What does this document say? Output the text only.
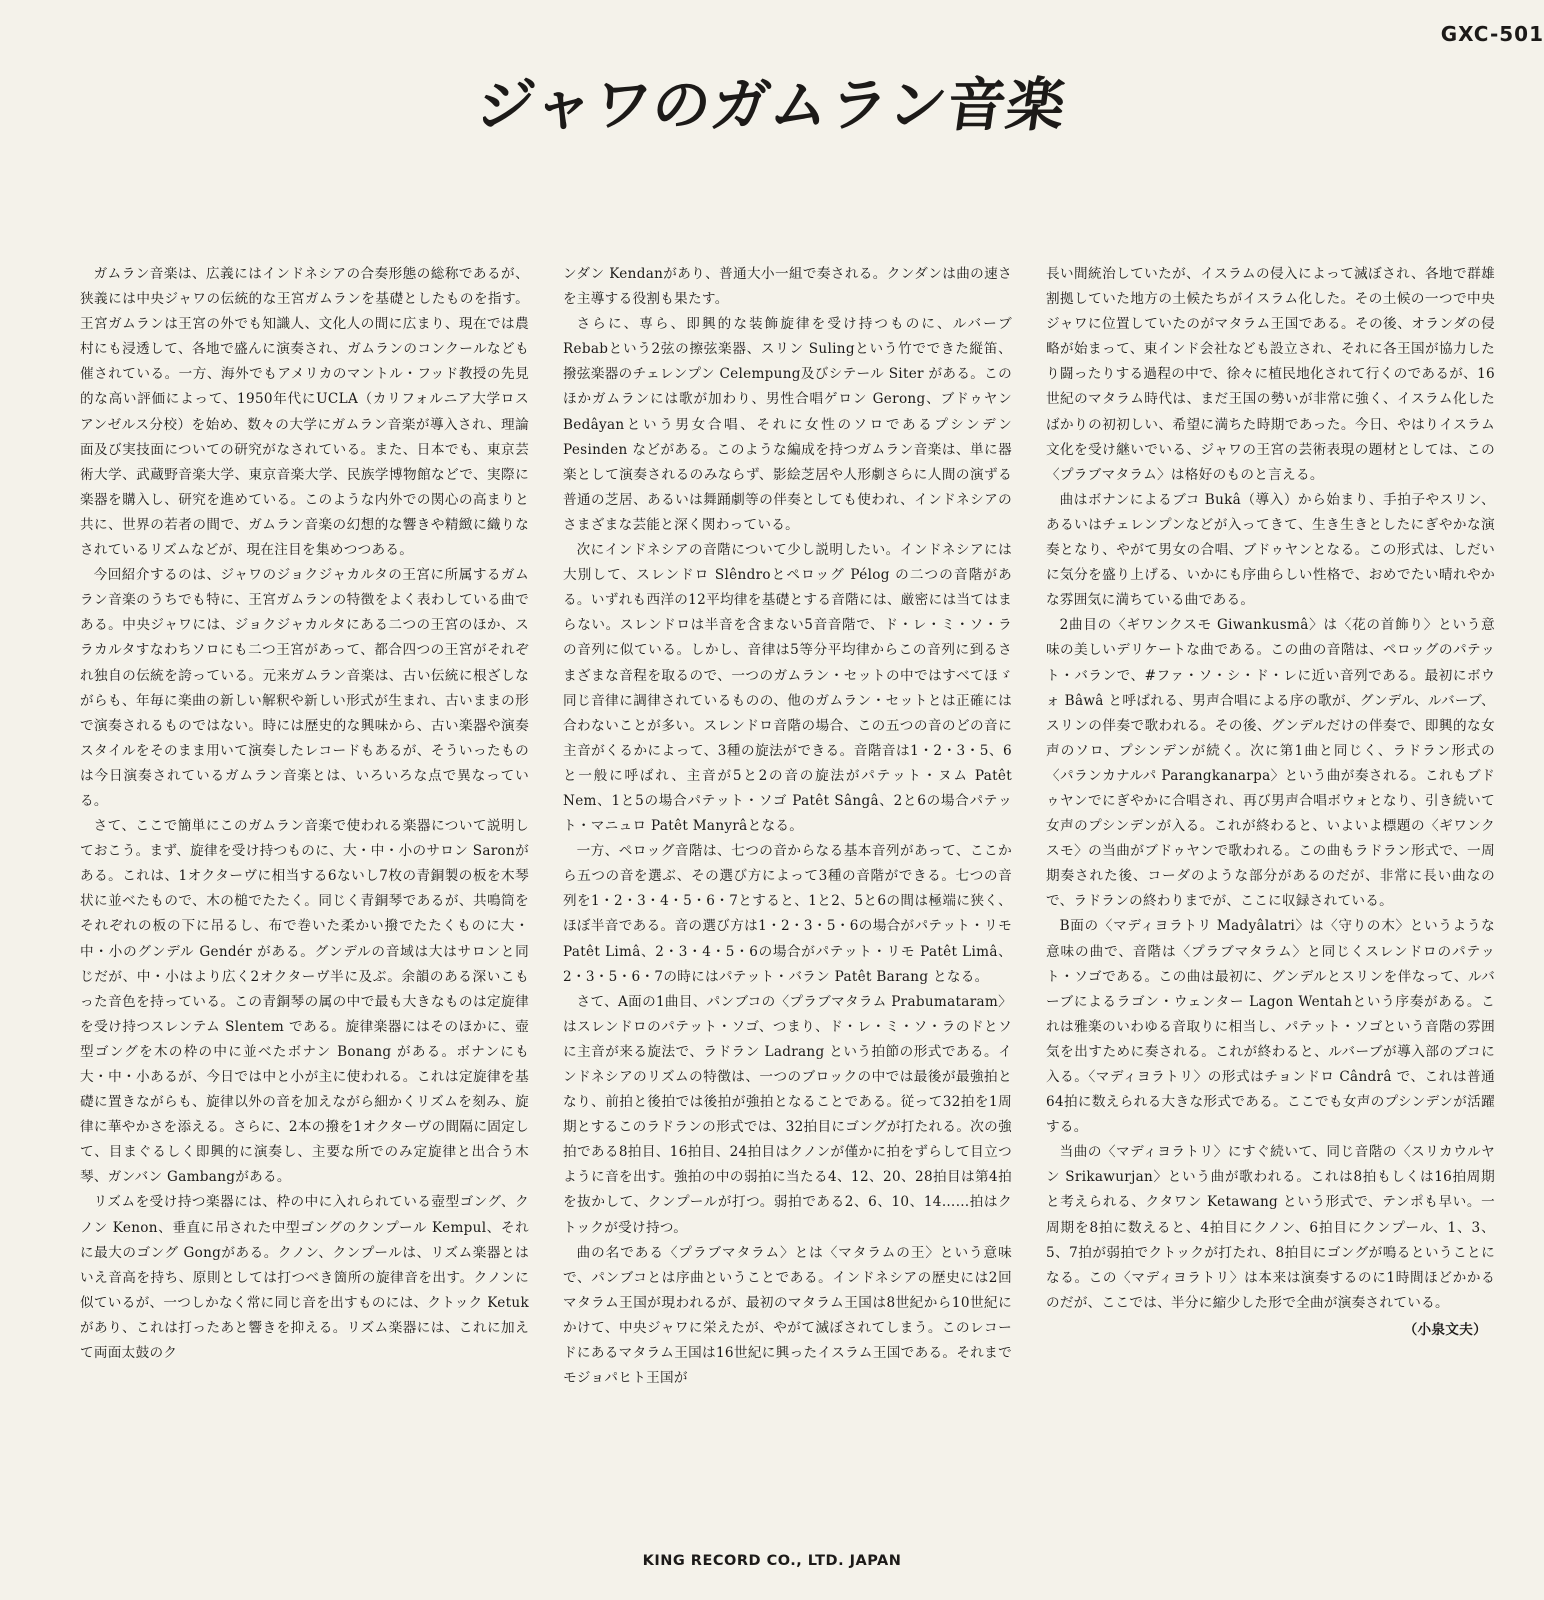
GXC-501
ジャワのガムラン音楽

ガムラン音楽は、広義にはインドネシアの合奏形態の総称であるが、狭義には中央ジャワの伝統的な王宮ガムランを基礎としたものを指す。王宮ガムランは王宮の外でも知識人、文化人の間に広まり、現在では農村にも浸透して、各地で盛んに演奏され、ガムランのコンクールなども催されている。一方、海外でもアメリカのマントル・フッド教授の先見的な高い評価によって、1950年代にUCLA（カリフォルニア大学ロスアンゼルス分校）を始め、数々の大学にガムラン音楽が導入され、理論面及び実技面についての研究がなされている。また、日本でも、東京芸術大学、武蔵野音楽大学、東京音楽大学、民族学博物館などで、実際に楽器を購入し、研究を進めている。このような内外での関心の高まりと共に、世界の若者の間で、ガムラン音楽の幻想的な響きや精緻に織りなされているリズムなどが、現在注目を集めつつある。

今回紹介するのは、ジャワのジョクジャカルタの王宮に所属するガムラン音楽のうちでも特に、王宮ガムランの特徴をよく表わしている曲である。中央ジャワには、ジョクジャカルタにある二つの王宮のほか、スラカルタすなわちソロにも二つ王宮があって、都合四つの王宮がそれぞれ独自の伝統を誇っている。元来ガムラン音楽は、古い伝統に根ざしながらも、年毎に楽曲の新しい解釈や新しい形式が生まれ、古いままの形で演奏されるものではない。時には歴史的な興味から、古い楽器や演奏スタイルをそのまま用いて演奏したレコードもあるが、そういったものは今日演奏されているガムラン音楽とは、いろいろな点で異なっている。

さて、ここで簡単にこのガムラン音楽で使われる楽器について説明しておこう。まず、旋律を受け持つものに、大・中・小のサロン Saronがある。これは、1オクターヴに相当する6ないし7枚の青銅製の板を木琴状に並べたもので、木の槌でたたく。同じく青銅琴であるが、共鳴筒をそれぞれの板の下に吊るし、布で巻いた柔かい撥でたたくものに大・中・小のグンデル Gendér がある。グンデルの音域は大はサロンと同じだが、中・小はより広く2オクターヴ半に及ぶ。余韻のある深いこもった音色を持っている。この青銅琴の属の中で最も大きなものは定旋律を受け持つスレンテム Slentem である。旋律楽器にはそのほかに、壺型ゴングを木の枠の中に並べたボナン Bonang がある。ボナンにも大・中・小あるが、今日では中と小が主に使われる。これは定旋律を基礎に置きながらも、旋律以外の音を加えながら細かくリズムを刻み、旋律に華やかさを添える。さらに、2本の撥を1オクターヴの間隔に固定して、目まぐるしく即興的に演奏し、主要な所でのみ定旋律と出合う木琴、ガンバン Gambangがある。

リズムを受け持つ楽器には、枠の中に入れられている壺型ゴング、クノン Kenon、垂直に吊された中型ゴングのクンプール Kempul、それに最大のゴング Gongがある。クノン、クンプールは、リズム楽器とはいえ音高を持ち、原則としては打つべき箇所の旋律音を出す。クノンに似ているが、一つしかなく常に同じ音を出すものには、クトック Ketukがあり、これは打ったあと響きを抑える。リズム楽器には、これに加えて両面太鼓のク

ンダン Kendanがあり、普通大小一組で奏される。クンダンは曲の速さを主導する役割も果たす。

さらに、専ら、即興的な装飾旋律を受け持つものに、ルバーブ Rebabという2弦の擦弦楽器、スリン Sulingという竹でできた縦笛、撥弦楽器のチェレンプン Celempung及びシテール Siter がある。このほかガムランには歌が加わり、男性合唱ゲロン Gerong、ブドゥヤン Bedâyanという男女合唱、それに女性のソロであるプシンデン Pesinden などがある。このような編成を持つガムラン音楽は、単に器楽として演奏されるのみならず、影絵芝居や人形劇さらに人間の演ずる普通の芝居、あるいは舞踊劇等の伴奏としても使われ、インドネシアのさまざまな芸能と深く関わっている。

次にインドネシアの音階について少し説明したい。インドネシアには大別して、スレンドロ Slêndroとペロッグ Pélog の二つの音階がある。いずれも西洋の12平均律を基礎とする音階には、厳密には当てはまらない。スレンドロは半音を含まない5音音階で、ド・レ・ミ・ソ・ラの音列に似ている。しかし、音律は5等分平均律からこの音列に到るさまざまな音程を取るので、一つのガムラン・セットの中ではすべてほゞ同じ音律に調律されているものの、他のガムラン・セットとは正確には合わないことが多い。スレンドロ音階の場合、この五つの音のどの音に主音がくるかによって、3種の旋法ができる。音階音は1・2・3・5、6と一般に呼ばれ、主音が5と2の音の旋法がパテット・ヌム Patêt Nem、1と5の場合パテット・ソゴ Patêt Sângâ、2と6の場合パテット・マニュロ Patêt Manyrâとなる。

一方、ペロッグ音階は、七つの音からなる基本音列があって、ここから五つの音を選ぶ、その選び方によって3種の音階ができる。七つの音列を1・2・3・4・5・6・7とすると、1と2、5と6の間は極端に狭く、ほぼ半音である。音の選び方は1・2・3・5・6の場合がパテット・リモ Patêt Limâ、2・3・4・5・6の場合がパテット・リモ Patêt Limâ、2・3・5・6・7の時にはパテット・バラン Patêt Barang となる。

さて、A面の1曲目、パンブコの〈プラブマタラム Prabumataram〉はスレンドロのパテット・ソゴ、つまり、ド・レ・ミ・ソ・ラのドとソに主音が来る旋法で、ラドラン Ladrang という拍節の形式である。インドネシアのリズムの特徴は、一つのブロックの中では最後が最強拍となり、前拍と後拍では後拍が強拍となることである。従って32拍を1周期とするこのラドランの形式では、32拍目にゴングが打たれる。次の強拍である8拍目、16拍目、24拍目はクノンが僅かに拍をずらして目立つように音を出す。強拍の中の弱拍に当たる4、12、20、28拍目は第4拍を抜かして、クンプールが打つ。弱拍である2、6、10、14……拍はクトックが受け持つ。

曲の名である〈プラブマタラム〉とは〈マタラムの王〉という意味で、パンブコとは序曲ということである。インドネシアの歴史には2回マタラム王国が現われるが、最初のマタラム王国は8世紀から10世紀にかけて、中央ジャワに栄えたが、やがて滅ぼされてしまう。このレコードにあるマタラム王国は16世紀に興ったイスラム王国である。それまでモジョパヒト王国が

長い間統治していたが、イスラムの侵入によって滅ぼされ、各地で群雄割拠していた地方の土候たちがイスラム化した。その土候の一つで中央ジャワに位置していたのがマタラム王国である。その後、オランダの侵略が始まって、東インド会社なども設立され、それに各王国が協力したり闘ったりする過程の中で、徐々に植民地化されて行くのであるが、16世紀のマタラム時代は、まだ王国の勢いが非常に強く、イスラム化したばかりの初初しい、希望に満ちた時期であった。今日、やはりイスラム文化を受け継いでいる、ジャワの王宮の芸術表現の題材としては、この〈プラブマタラム〉は格好のものと言える。

曲はボナンによるブコ Bukâ（導入）から始まり、手拍子やスリン、あるいはチェレンプンなどが入ってきて、生き生きとしたにぎやかな演奏となり、やがて男女の合唱、ブドゥヤンとなる。この形式は、しだいに気分を盛り上げる、いかにも序曲らしい性格で、おめでたい晴れやかな雰囲気に満ちている曲である。

2曲目の〈ギワンクスモ Giwankusmâ〉は〈花の首飾り〉という意味の美しいデリケートな曲である。この曲の音階は、ペロッグのパテット・バランで、#ファ・ソ・シ・ド・レに近い音列である。最初にボウォ Bâwâ と呼ばれる、男声合唱による序の歌が、グンデル、ルバーブ、スリンの伴奏で歌われる。その後、グンデルだけの伴奏で、即興的な女声のソロ、プシンデンが続く。次に第1曲と同じく、ラドラン形式の〈パランカナルパ Parangkanarpa〉という曲が奏される。これもブドゥヤンでにぎやかに合唱され、再び男声合唱ボウォとなり、引き続いて女声のプシンデンが入る。これが終わると、いよいよ標題の〈ギワンクスモ〉の当曲がブドゥヤンで歌われる。この曲もラドラン形式で、一周期奏された後、コーダのような部分があるのだが、非常に長い曲なので、ラドランの終わりまでが、ここに収録されている。

B面の〈マディヨラトリ Madyâlatri〉は〈守りの木〉というような意味の曲で、音階は〈プラブマタラム〉と同じくスレンドロのパテット・ソゴである。この曲は最初に、グンデルとスリンを伴なって、ルバーブによるラゴン・ウェンター Lagon Wentahという序奏がある。これは雅楽のいわゆる音取りに相当し、パテット・ソゴという音階の雰囲気を出すために奏される。これが終わると、ルバーブが導入部のブコに入る。〈マディヨラトリ〉の形式はチョンドロ Cândrâ で、これは普通64拍に数えられる大きな形式である。ここでも女声のプシンデンが活躍する。

当曲の〈マディヨラトリ〉にすぐ続いて、同じ音階の〈スリカウルヤン Srikawurjan〉という曲が歌われる。これは8拍もしくは16拍周期と考えられる、クタワン Ketawang という形式で、テンポも早い。一周期を8拍に数えると、4拍目にクノン、6拍目にクンプール、1、3、5、7拍が弱拍でクトックが打たれ、8拍目にゴングが鳴るということになる。この〈マディヨラトリ〉は本来は演奏するのに1時間ほどかかるのだが、ここでは、半分に縮少した形で全曲が演奏されている。

（小泉文夫）

KING RECORD CO., LTD. JAPAN
